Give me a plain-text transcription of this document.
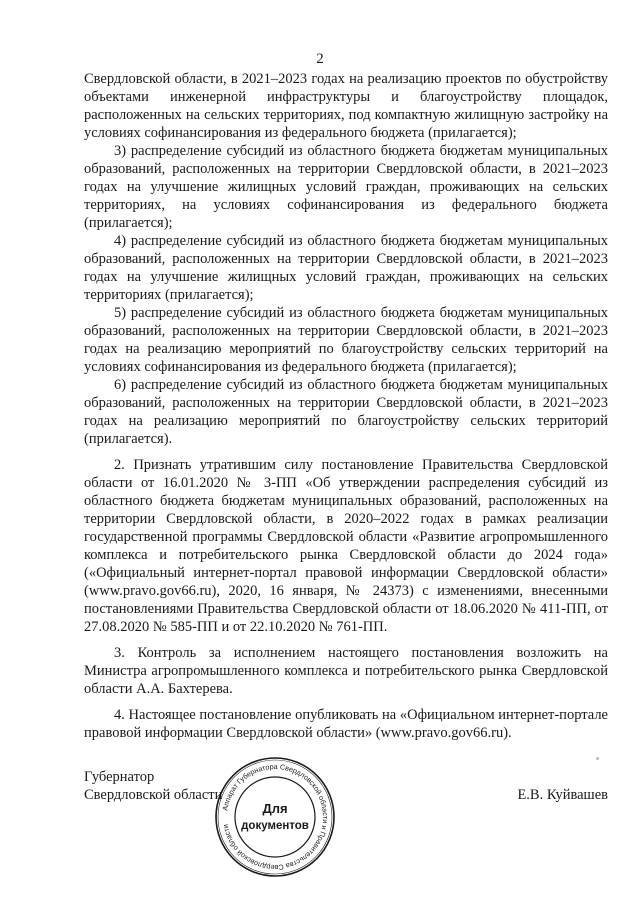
2

Свердловской области, в 2021–2023 годах на реализацию проектов по обустройству объектами инженерной инфраструктуры и благоустройству площадок, расположенных на сельских территориях, под компактную жилищную застройку на условиях софинансирования из федерального бюджета (прилагается);

3) распределение субсидий из областного бюджета бюджетам муниципальных образований, расположенных на территории Свердловской области, в 2021–2023 годах на улучшение жилищных условий граждан, проживающих на сельских территориях, на условиях софинансирования из федерального бюджета (прилагается);

4) распределение субсидий из областного бюджета бюджетам муниципальных образований, расположенных на территории Свердловской области, в 2021–2023 годах на улучшение жилищных условий граждан, проживающих на сельских территориях (прилагается);

5) распределение субсидий из областного бюджета бюджетам муниципальных образований, расположенных на территории Свердловской области, в 2021–2023 годах на реализацию мероприятий по благоустройству сельских территорий на условиях софинансирования из федерального бюджета (прилагается);

6) распределение субсидий из областного бюджета бюджетам муниципальных образований, расположенных на территории Свердловской области, в 2021–2023 годах на реализацию мероприятий по благоустройству сельских территорий (прилагается).

2. Признать утратившим силу постановление Правительства Свердловской области от 16.01.2020 № 3-ПП «Об утверждении распределения субсидий из областного бюджета бюджетам муниципальных образований, расположенных на территории Свердловской области, в 2020–2022 годах в рамках реализации государственной программы Свердловской области «Развитие агропромышленного комплекса и потребительского рынка Свердловской области до 2024 года» («Официальный интернет-портал правовой информации Свердловской области» (www.pravo.gov66.ru), 2020, 16 января, № 24373) с изменениями, внесенными постановлениями Правительства Свердловской области от 18.06.2020 № 411-ПП, от 27.08.2020 № 585-ПП и от 22.10.2020 № 761-ПП.

3. Контроль за исполнением настоящего постановления возложить на Министра агропромышленного комплекса и потребительского рынка Свердловской области А.А. Бахтерева.

4. Настоящее постановление опубликовать на «Официальном интернет-портале правовой информации Свердловской области» (www.pravo.gov66.ru).

Губернатор

Свердловской области	Е.В. Куйвашев
Аппарат Губернатора Свердловской области и Правительства Свердловской области
Для
документов
